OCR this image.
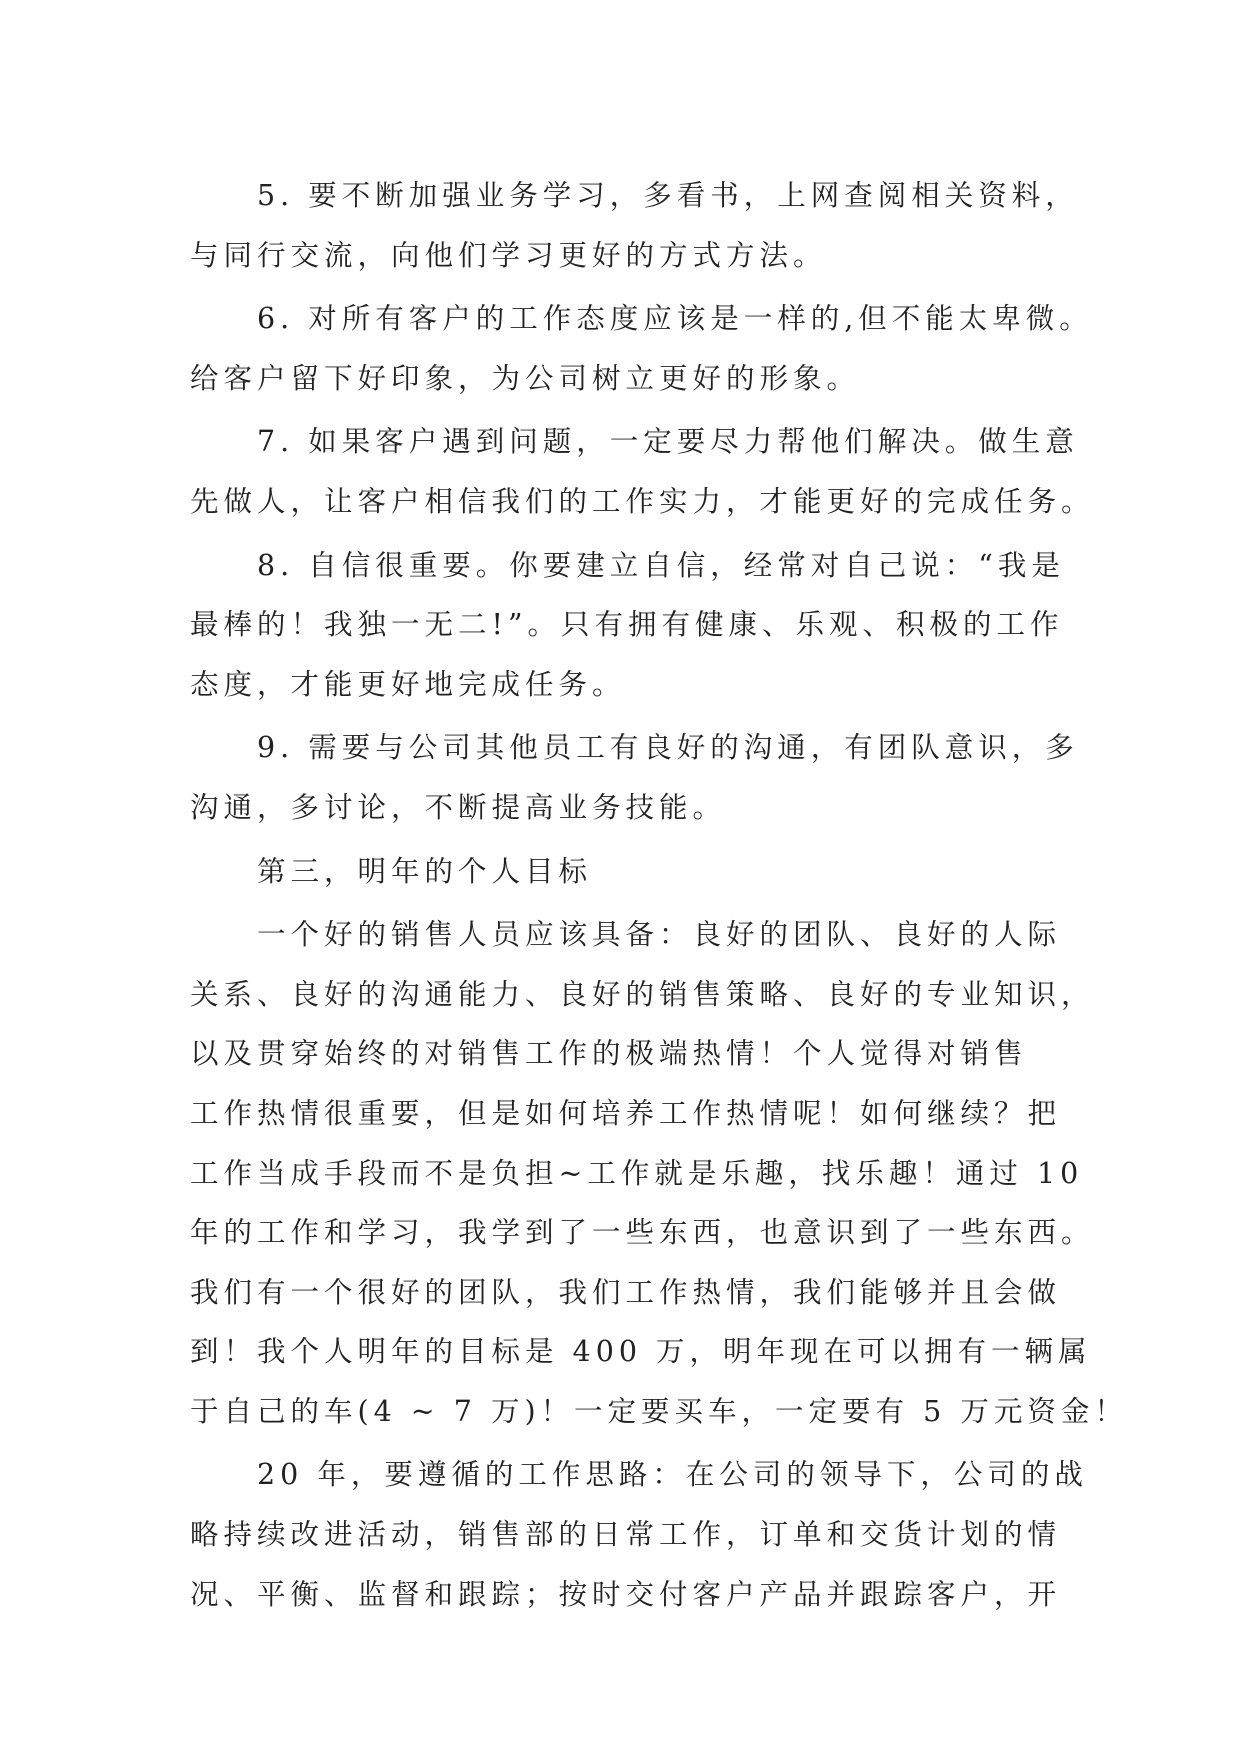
5. 要不断加强业务学习，多看书，上网查阅相关资料，
与同行交流，向他们学习更好的方式方法。

6. 对所有客户的工作态度应该是一样的,但不能太卑微。
给客户留下好印象，为公司树立更好的形象。

7. 如果客户遇到问题，一定要尽力帮他们解决。做生意
先做人，让客户相信我们的工作实力，才能更好的完成任务。

8. 自信很重要。你要建立自信，经常对自己说：“我是
最棒的！我独一无二!”。只有拥有健康、乐观、积极的工作
态度，才能更好地完成任务。

9. 需要与公司其他员工有良好的沟通，有团队意识，多
沟通，多讨论，不断提高业务技能。

第三，明年的个人目标

一个好的销售人员应该具备：良好的团队、良好的人际
关系、良好的沟通能力、良好的销售策略、良好的专业知识，
以及贯穿始终的对销售工作的极端热情！个人觉得对销售
工作热情很重要，但是如何培养工作热情呢！如何继续？把
工作当成手段而不是负担~工作就是乐趣，找乐趣！通过 10
年的工作和学习，我学到了一些东西，也意识到了一些东西。
我们有一个很好的团队，我们工作热情，我们能够并且会做
到！我个人明年的目标是 400 万，明年现在可以拥有一辆属
于自己的车(4 ~ 7 万)！一定要买车，一定要有 5 万元资金！

20 年，要遵循的工作思路：在公司的领导下，公司的战
略持续改进活动，销售部的日常工作，订单和交货计划的情
况、平衡、监督和跟踪；按时交付客户产品并跟踪客户，开
